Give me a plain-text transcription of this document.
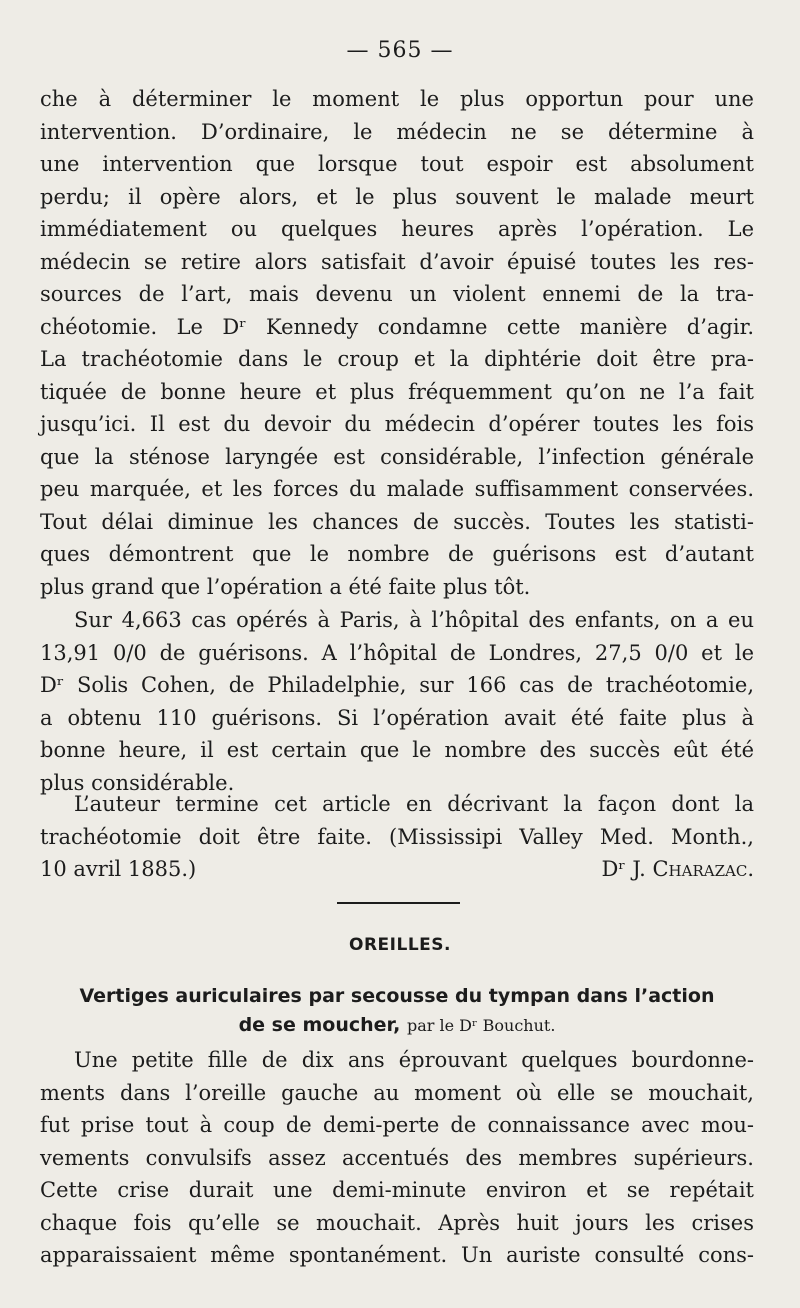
— 565 —
che à déterminer le moment le plus opportun pour une
intervention. D’ordinaire, le médecin ne se détermine à
une intervention que lorsque tout espoir est absolument
perdu; il opère alors, et le plus souvent le malade meurt
immédiatement ou quelques heures après l’opération. Le
médecin se retire alors satisfait d’avoir épuisé toutes les res-
sources de l’art, mais devenu un violent ennemi de la tra-
chéotomie. Le Dʳ Kennedy condamne cette manière d’agir.
La trachéotomie dans le croup et la diphtérie doit être pra-
tiquée de bonne heure et plus fréquemment qu’on ne l’a fait
jusqu’ici. Il est du devoir du médecin d’opérer toutes les fois
que la sténose laryngée est considérable, l’infection générale
peu marquée, et les forces du malade suffisamment conservées.
Tout délai diminue les chances de succès. Toutes les statisti-
ques démontrent que le nombre de guérisons est d’autant
plus grand que l’opération a été faite plus tôt.
Sur 4,663 cas opérés à Paris, à l’hôpital des enfants, on a eu
13,91 0/0 de guérisons. A l’hôpital de Londres, 27,5 0/0 et le
Dʳ Solis Cohen, de Philadelphie, sur 166 cas de trachéotomie,
a obtenu 110 guérisons. Si l’opération avait été faite plus à
bonne heure, il est certain que le nombre des succès eût été
plus considérable.
L’auteur termine cet article en décrivant la façon dont la
trachéotomie doit être faite. (Mississipi Valley Med. Month.,
10 avril 1885.)	Dʳ J. Charazac.
OREILLES.
Vertiges auriculaires par secousse du tympan dans l’action
de se moucher, par le Dʳ Bouchut.
Une petite fille de dix ans éprouvant quelques bourdonne-
ments dans l’oreille gauche au moment où elle se mouchait,
fut prise tout à coup de demi-perte de connaissance avec mou-
vements convulsifs assez accentués des membres supérieurs.
Cette crise durait une demi-minute environ et se repétait
chaque fois qu’elle se mouchait. Après huit jours les crises
apparaissaient même spontanément. Un auriste consulté cons-
